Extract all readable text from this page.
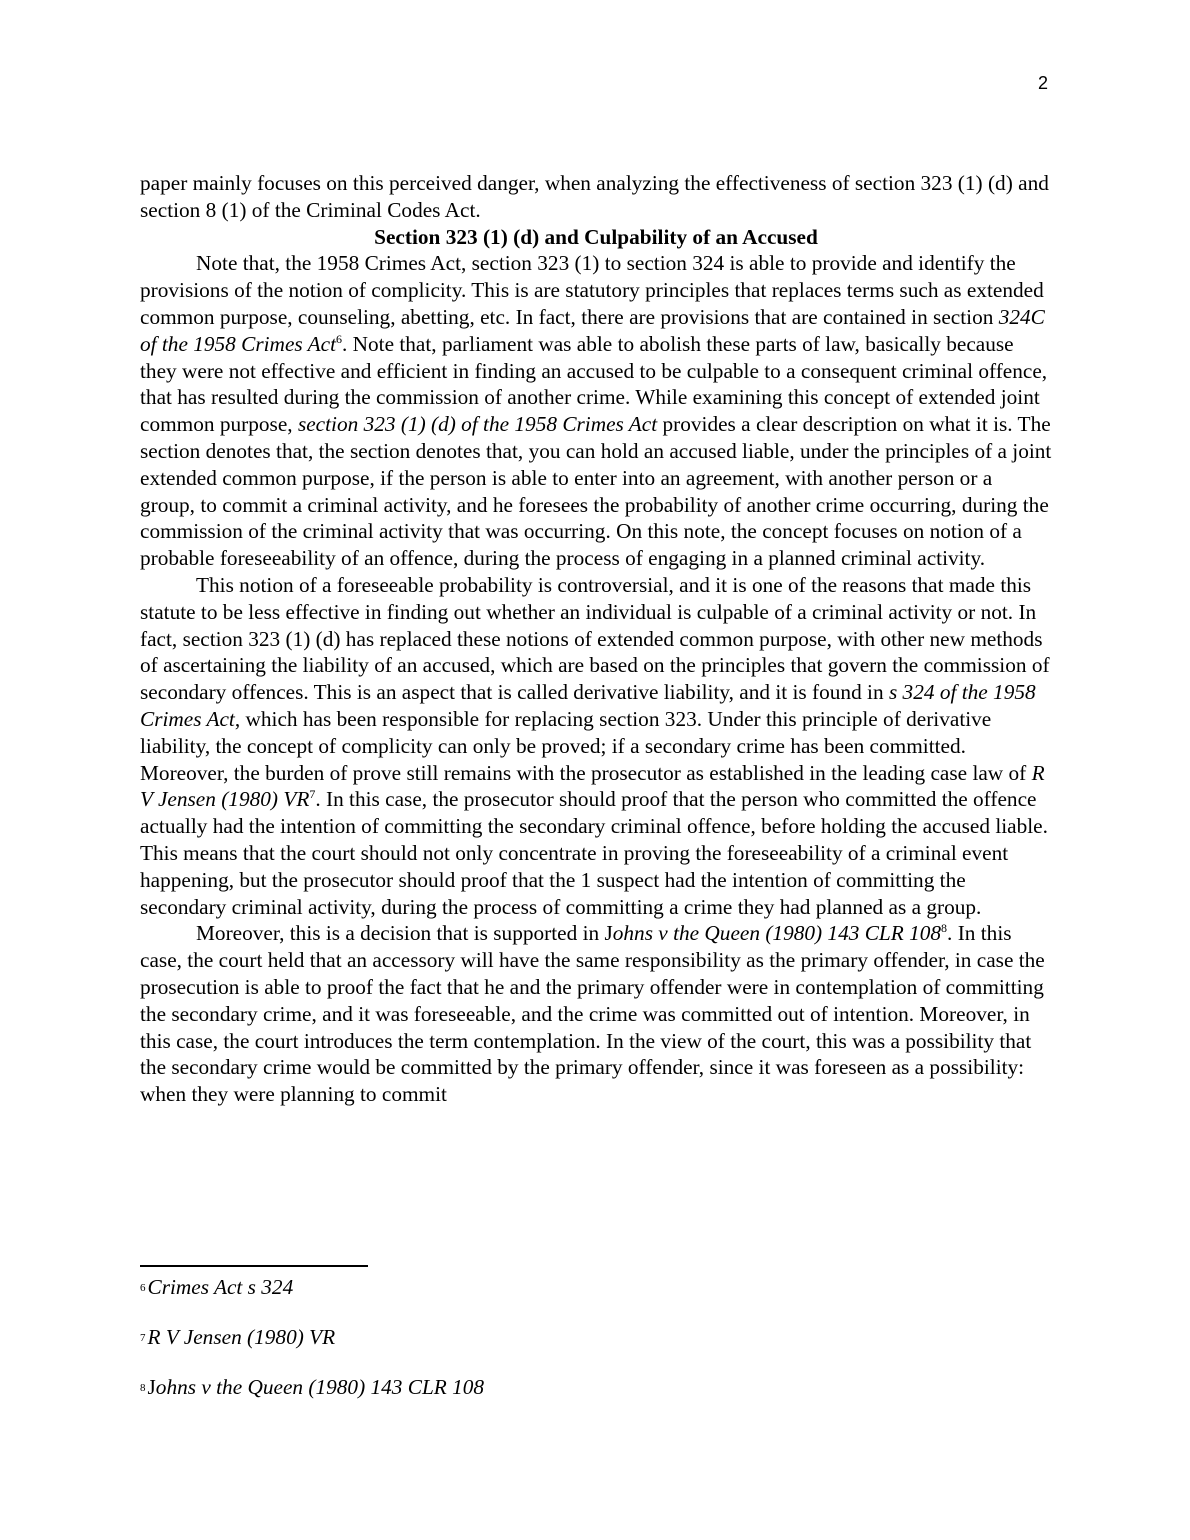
2

paper mainly focuses on this perceived danger, when analyzing the effectiveness of section 323 (1) (d) and section 8 (1) of the Criminal Codes Act.

Section 323 (1) (d) and Culpability of an Accused

Note that, the 1958 Crimes Act, section 323 (1) to section 324 is able to provide and identify the provisions of the notion of complicity. This is are statutory principles that replaces terms such as extended common purpose, counseling, abetting, etc. In fact, there are provisions that are contained in section 324C of the 1958 Crimes Act$^6$. Note that, parliament was able to abolish these parts of law, basically because they were not effective and efficient in finding an accused to be culpable to a consequent criminal offence, that has resulted during the commission of another crime. While examining this concept of extended joint common purpose, section 323 (1) (d) of the 1958 Crimes Act provides a clear description on what it is. The section denotes that, the section denotes that, you can hold an accused liable, under the principles of a joint extended common purpose, if the person is able to enter into an agreement, with another person or a group, to commit a criminal activity, and he foresees the probability of another crime occurring, during the commission of the criminal activity that was occurring. On this note, the concept focuses on notion of a probable foreseeability of an offence, during the process of engaging in a planned criminal activity.

This notion of a foreseeable probability is controversial, and it is one of the reasons that made this statute to be less effective in finding out whether an individual is culpable of a criminal activity or not. In fact, section 323 (1) (d) has replaced these notions of extended common purpose, with other new methods of ascertaining the liability of an accused, which are based on the principles that govern the commission of secondary offences. This is an aspect that is called derivative liability, and it is found in s 324 of the 1958 Crimes Act, which has been responsible for replacing section 323. Under this principle of derivative liability, the concept of complicity can only be proved; if a secondary crime has been committed. Moreover, the burden of prove still remains with the prosecutor as established in the leading case law of R V Jensen (1980) $VR^7$. In this case, the prosecutor should proof that the person who committed the offence actually had the intention of committing the secondary criminal offence, before holding the accused liable. This means that the court should not only concentrate in proving the foreseeability of a criminal event happening, but the prosecutor should proof that the 1 suspect had the intention of committing the secondary criminal activity, during the process of committing a crime they had planned as a group.

Moreover, this is a decision that is supported in Johns v the Queen (1980) 143 CLR $108^8$. In this case, the court held that an accessory will have the same responsibility as the primary offender, in case the prosecution is able to proof the fact that he and the primary offender were in contemplation of committing the secondary crime, and it was foreseeable, and the crime was committed out of intention. Moreover, in this case, the court introduces the term contemplation. In the view of the court, this was a possibility that the secondary crime would be committed by the primary offender, since it was foreseen as a possibility: when they were planning to commit

6Crimes Act s 324
7R V Jensen (1980) VR
8Johns v the Queen (1980) 143 CLR 108
